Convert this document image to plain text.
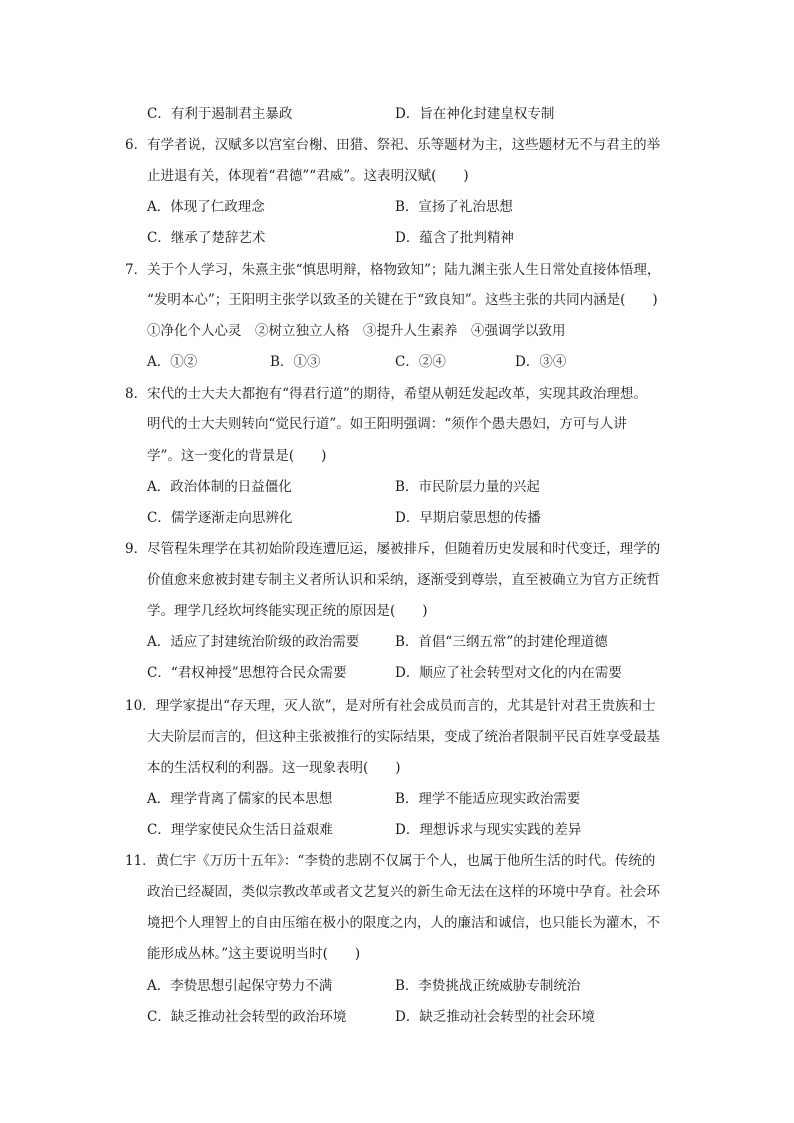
C．有利于遏制君主暴政	D．旨在神化封建皇权专制
6．有学者说，汉赋多以宫室台榭、田猎、祭祀、乐等题材为主，这些题材无不与君主的举
止进退有关，体现着“君德”“君威”。这表明汉赋(　　)
A．体现了仁政理念	B．宣扬了礼治思想
C．继承了楚辞艺术	D．蕴含了批判精神
7．关于个人学习，朱熹主张“慎思明辩，格物致知”；陆九渊主张人生日常处直接体悟理，
“发明本心”；王阳明主张学以致圣的关键在于“致良知”。这些主张的共同内涵是(　　)
①净化个人心灵　②树立独立人格　③提升人生素养　④强调学以致用
A．①②	B．①③	C．②④	D．③④
8．宋代的士大夫大都抱有“得君行道”的期待，希望从朝廷发起改革，实现其政治理想。
明代的士大夫则转向“觉民行道”。如王阳明强调：“须作个愚夫愚妇，方可与人讲
学”。这一变化的背景是(　　)
A．政治体制的日益僵化	B．市民阶层力量的兴起
C．儒学逐渐走向思辨化	D．早期启蒙思想的传播
9．尽管程朱理学在其初始阶段连遭厄运，屡被排斥，但随着历史发展和时代变迁，理学的
价值愈来愈被封建专制主义者所认识和采纳，逐渐受到尊崇，直至被确立为官方正统哲
学。理学几经坎坷终能实现正统的原因是(　　)
A．适应了封建统治阶级的政治需要	B．首倡“三纲五常”的封建伦理道德
C．“君权神授”思想符合民众需要	D．顺应了社会转型对文化的内在需要
10．理学家提出“存天理，灭人欲”，是对所有社会成员而言的，尤其是针对君王贵族和士
大夫阶层而言的，但这种主张被推行的实际结果，变成了统治者限制平民百姓享受最基
本的生活权利的利器。这一现象表明(　　)
A．理学背离了儒家的民本思想	B．理学不能适应现实政治需要
C．理学家使民众生活日益艰难	D．理想诉求与现实实践的差异
11．黄仁宇《万历十五年》：“李贽的悲剧不仅属于个人，也属于他所生活的时代。传统的
政治已经凝固，类似宗教改革或者文艺复兴的新生命无法在这样的环境中孕育。社会环
境把个人理智上的自由压缩在极小的限度之内，人的廉洁和诚信，也只能长为灌木，不
能形成丛林。”这主要说明当时(　　)
A．李贽思想引起保守势力不满	B．李贽挑战正统威胁专制统治
C．缺乏推动社会转型的政治环境	D．缺乏推动社会转型的社会环境
